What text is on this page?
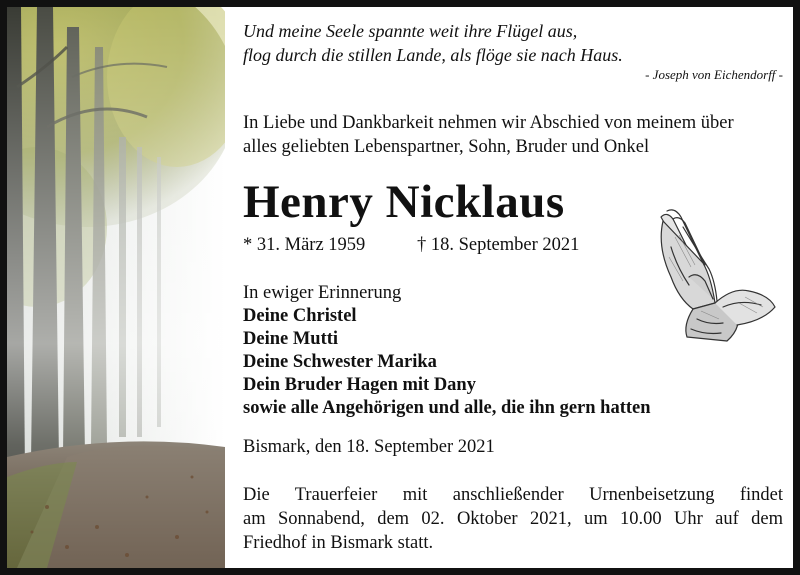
Und meine Seele spannte weit ihre Flügel aus,
flog durch die stillen Lande, als flöge sie nach Haus.
- Joseph von Eichendorff -
In Liebe und Dankbarkeit nehmen wir Abschied von meinem über
alles geliebten Lebenspartner, Sohn, Bruder und Onkel
Henry Nicklaus
* 31. März 1959	† 18. September 2021
In ewiger Erinnerung
Deine Christel
Deine Mutti
Deine Schwester Marika
Dein Bruder Hagen mit Dany
sowie alle Angehörigen und alle, die ihn gern hatten
Bismark, den 18. September 2021
Die Trauerfeier mit anschließender Urnenbeisetzung findet
am Sonnabend, dem 02. Oktober 2021, um 10.00 Uhr auf dem
Friedhof in Bismark statt.
